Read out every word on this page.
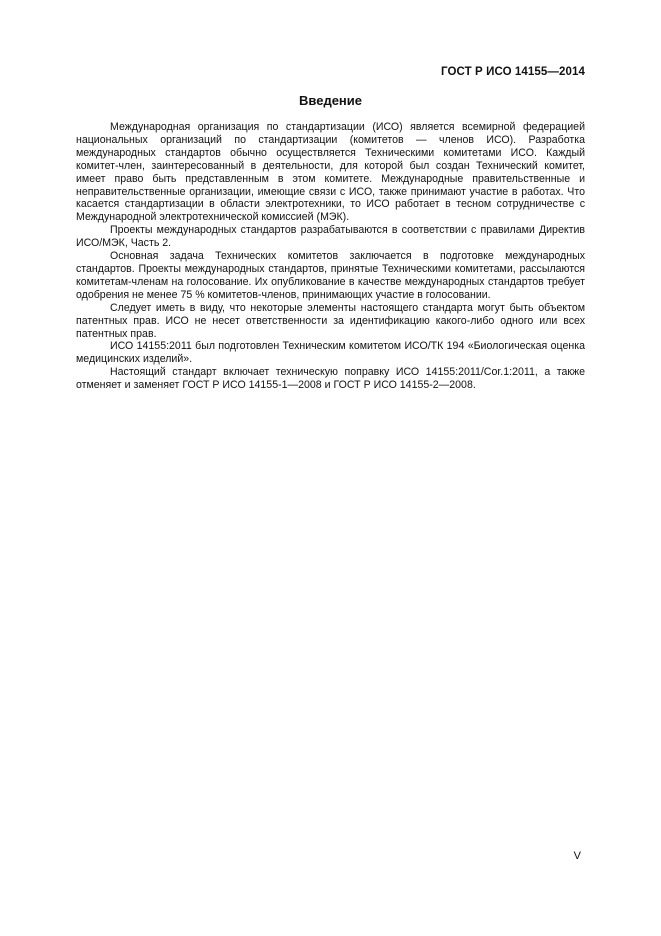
ГОСТ Р ИСО 14155—2014
Введение

Международная организация по стандартизации (ИСО) является всемирной федерацией национальных организаций по стандартизации (комитетов — членов ИСО). Разработка международных стандартов обычно осуществляется Техническими комитетами ИСО. Каждый комитет-член, заинтересованный в деятельности, для которой был создан Технический комитет, имеет право быть представленным в этом комитете. Международные правительственные и неправительственные организации, имеющие связи с ИСО, также принимают участие в работах. Что касается стандартизации в области электротехники, то ИСО работает в тесном сотрудничестве с Международной электротехнической комиссией (МЭК).

Проекты международных стандартов разрабатываются в соответствии с правилами Директив ИСО/МЭК, Часть 2.

Основная задача Технических комитетов заключается в подготовке международных стандартов. Проекты международных стандартов, принятые Техническими комитетами, рассылаются комитетам-членам на голосование. Их опубликование в качестве международных стандартов требует одобрения не менее 75 % комитетов-членов, принимающих участие в голосовании.

Следует иметь в виду, что некоторые элементы настоящего стандарта могут быть объектом патентных прав. ИСО не несет ответственности за идентификацию какого-либо одного или всех патентных прав.

ИСО 14155:2011 был подготовлен Техническим комитетом ИСО/ТК 194 «Биологическая оценка медицинских изделий».

Настоящий стандарт включает техническую поправку ИСО 14155:2011/Cor.1:2011, а также отменяет и заменяет ГОСТ Р ИСО 14155-1—2008 и ГОСТ Р ИСО 14155-2—2008.

V
